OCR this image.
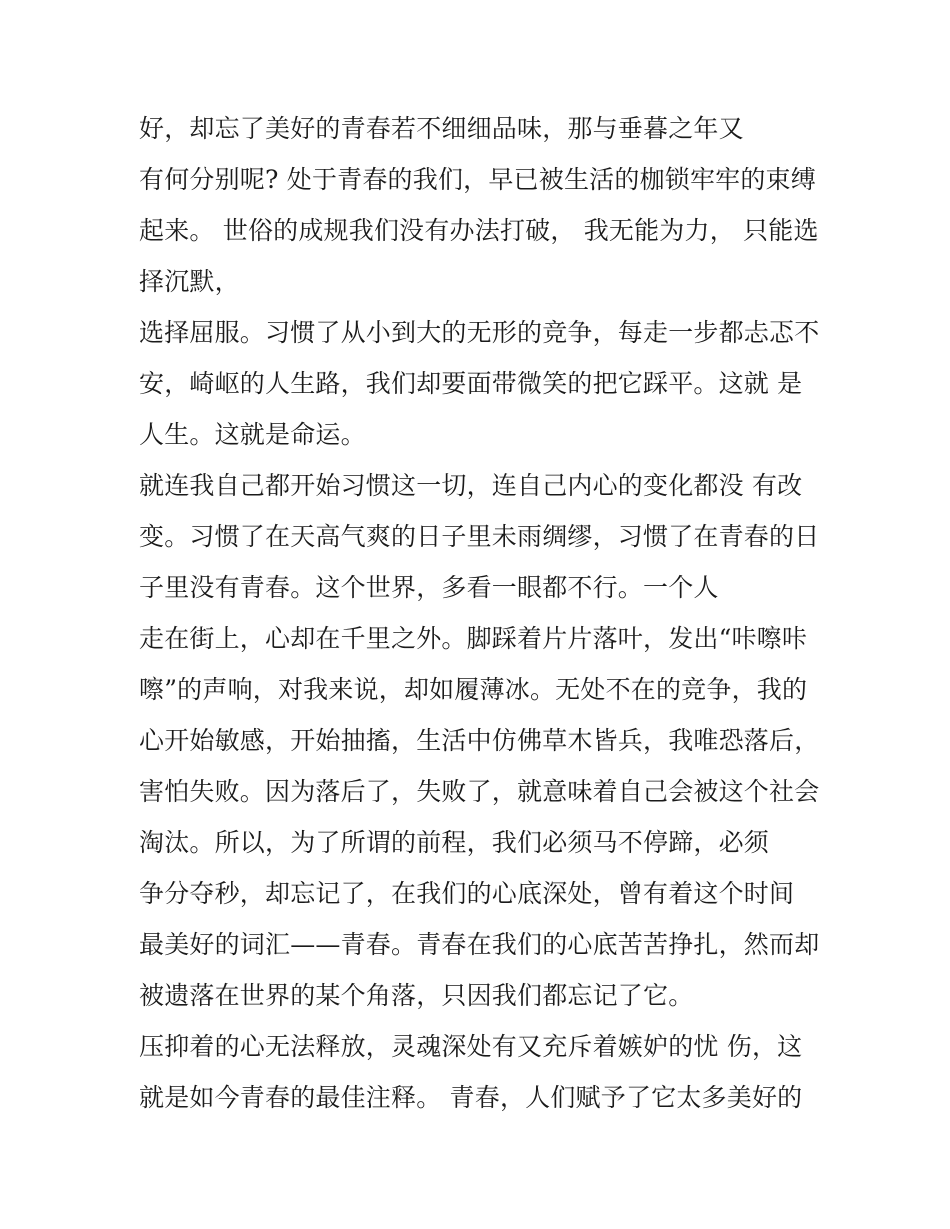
好，却忘了美好的青春若不细细品味，那与垂暮之年又

有何分别呢? 处于青春的我们，早已被生活的枷锁牢牢的束缚

起来。 世俗的成规我们没有办法打破， 我无能为力， 只能选

择沉默，

选择屈服。习惯了从小到大的无形的竞争，每走一步都忐忑不

安，崎岖的人生路，我们却要面带微笑的把它踩平。这就 是

人生。这就是命运。

就连我自己都开始习惯这一切，连自己内心的变化都没 有改

变。习惯了在天高气爽的日子里未雨绸缪，习惯了在青春的日

子里没有青春。这个世界，多看一眼都不行。一个人

走在街上，心却在千里之外。脚踩着片片落叶，发出“咔嚓咔

嚓”的声响，对我来说，却如履薄冰。无处不在的竞争，我的

心开始敏感，开始抽搐，生活中仿佛草木皆兵，我唯恐落后，

害怕失败。因为落后了，失败了，就意味着自己会被这个社会

淘汰。所以，为了所谓的前程，我们必须马不停蹄，必须

争分夺秒，却忘记了，在我们的心底深处，曾有着这个时间

最美好的词汇——青春。青春在我们的心底苦苦挣扎，然而却

被遗落在世界的某个角落，只因我们都忘记了它。

压抑着的心无法释放，灵魂深处有又充斥着嫉妒的忧 伤，这

就是如今青春的最佳注释。 青春，人们赋予了它太多美好的
